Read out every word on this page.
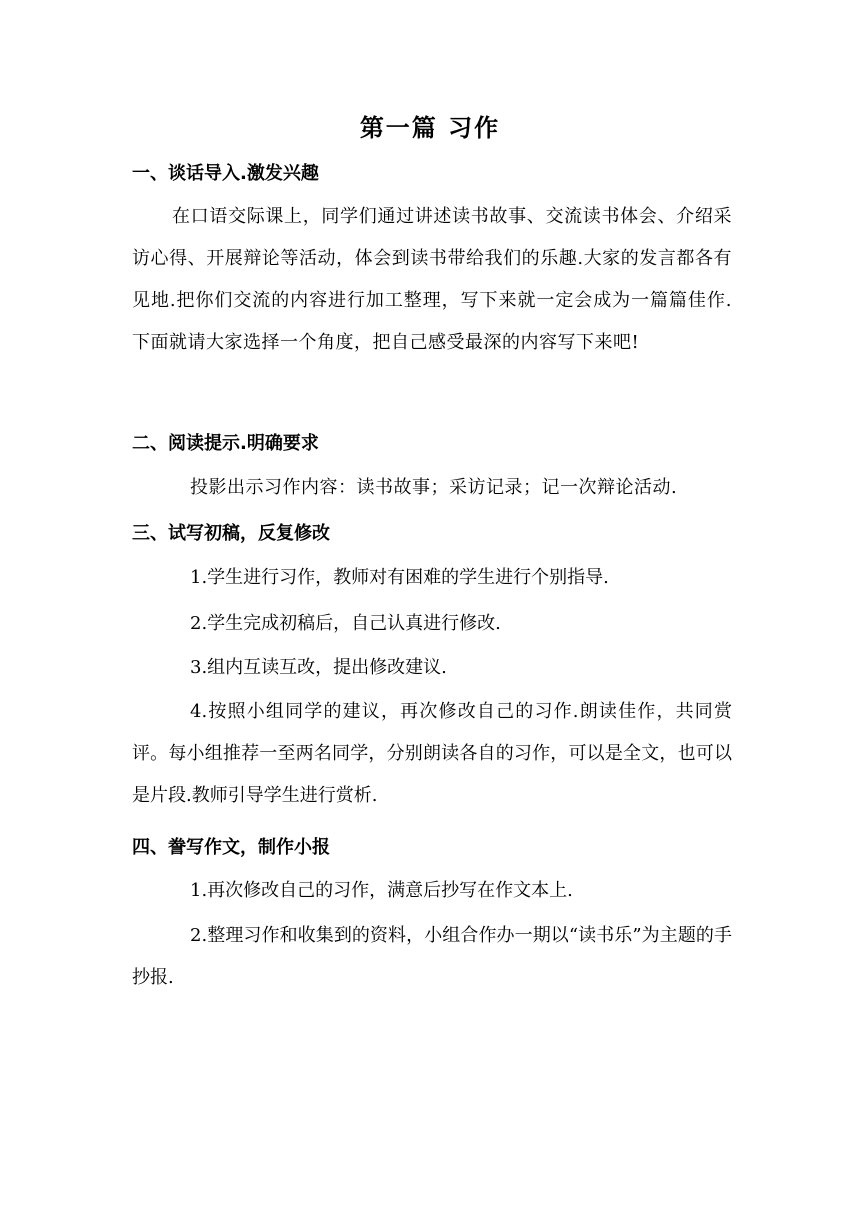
第一篇 习作
一、谈话导入.激发兴趣
在口语交际课上，同学们通过讲述读书故事、交流读书体会、介绍采访心得、开展辩论等活动，体会到读书带给我们的乐趣.大家的发言都各有见地.把你们交流的内容进行加工整理，写下来就一定会成为一篇篇佳作.下面就请大家选择一个角度，把自己感受最深的内容写下来吧!
二、阅读提示.明确要求
投影出示习作内容：读书故事；采访记录；记一次辩论活动.
三、试写初稿，反复修改
1.学生进行习作，教师对有困难的学生进行个别指导.
2.学生完成初稿后，自己认真进行修改.
3.组内互读互改，提出修改建议.
4.按照小组同学的建议，再次修改自己的习作.朗读佳作，共同赏评。每小组推荐一至两名同学，分别朗读各自的习作，可以是全文，也可以是片段.教师引导学生进行赏析.
四、誊写作文，制作小报
1.再次修改自己的习作，满意后抄写在作文本上.
2.整理习作和收集到的资料，小组合作办一期以“读书乐”为主题的手抄报.
